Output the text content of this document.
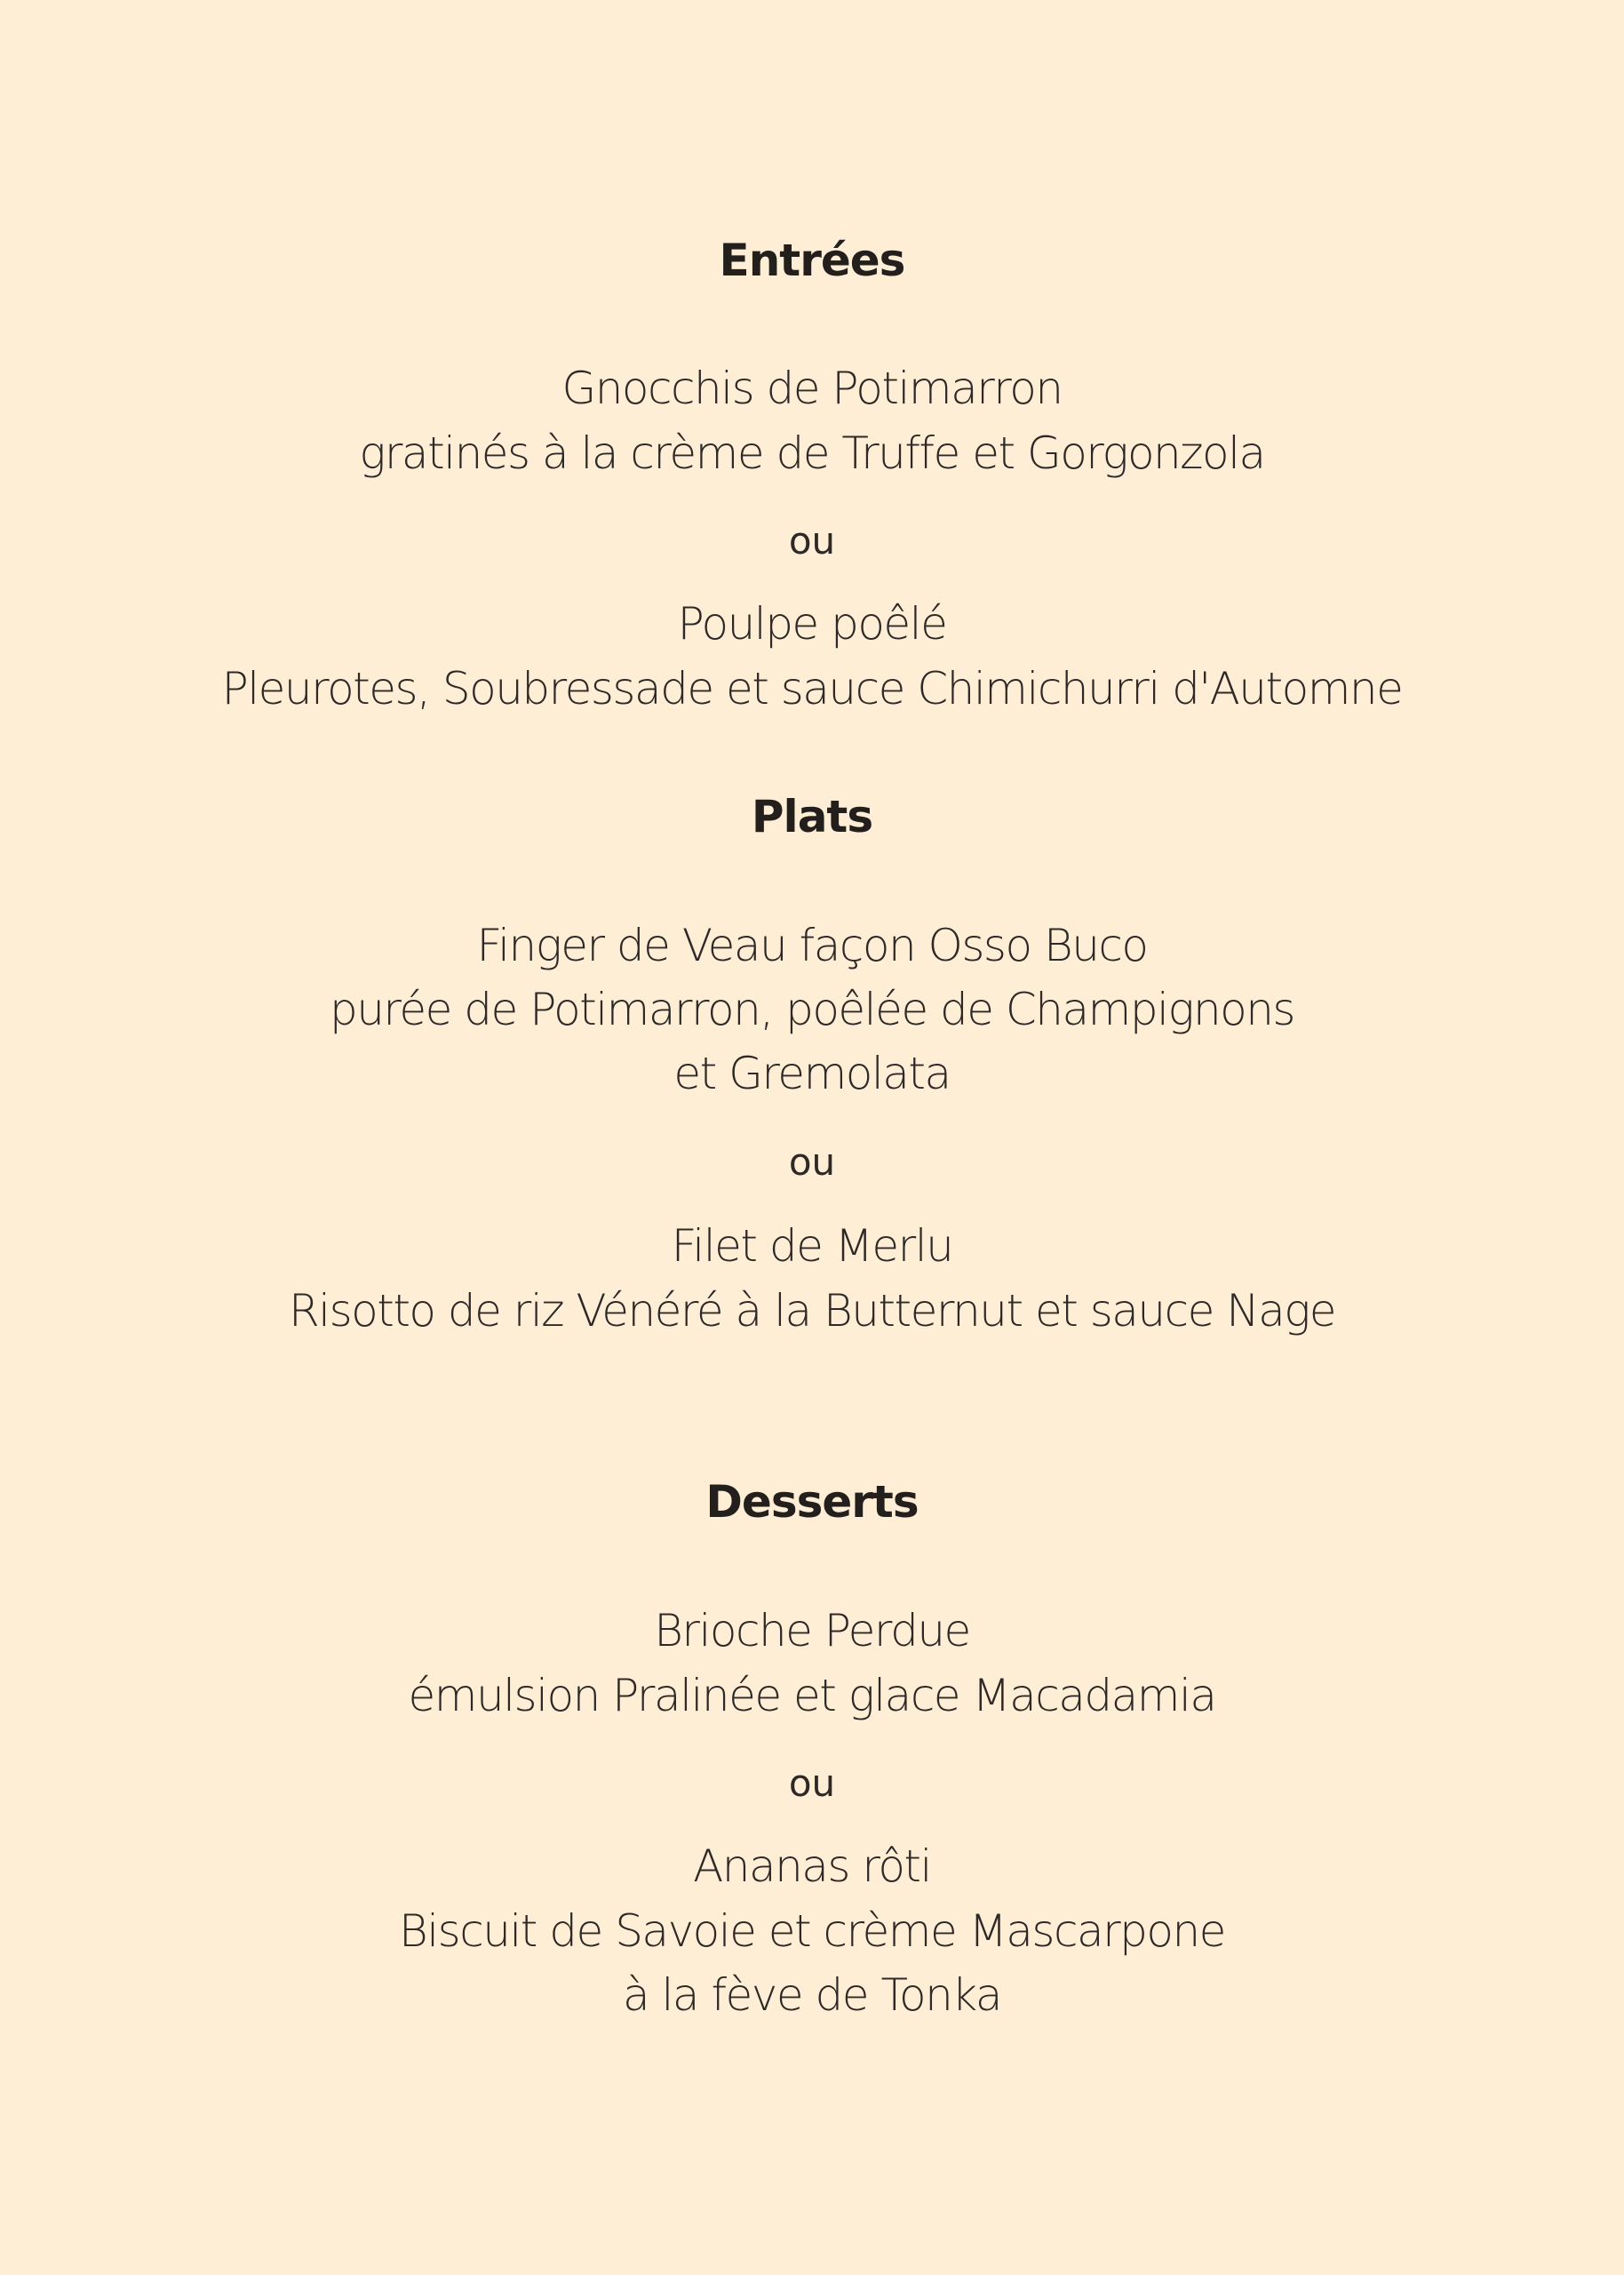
Entrées

Gnocchis de Potimarron

gratinés à la crème de Truffe et Gorgonzola

ou

Poulpe poêlé

Pleurotes, Soubressade et sauce Chimichurri d'Automne

Plats

Finger de Veau façon Osso Buco

purée de Potimarron, poêlée de Champignons

et Gremolata

ou

Filet de Merlu

Risotto de riz Vénéré à la Butternut et sauce Nage

Desserts

Brioche Perdue

émulsion Pralinée et glace Macadamia

ou

Ananas rôti

Biscuit de Savoie et crème Mascarpone

à la fève de Tonka
